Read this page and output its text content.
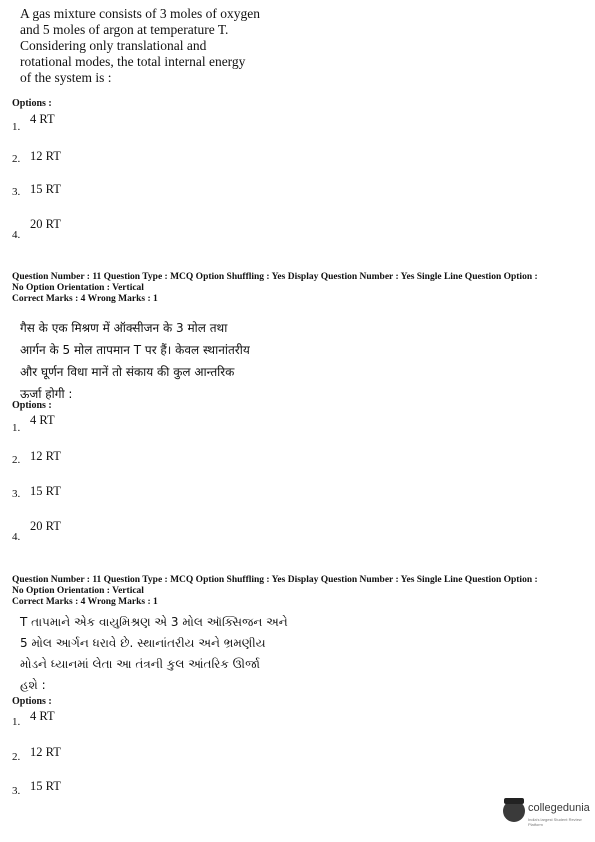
A gas mixture consists of 3 moles of oxygen
and 5 moles of argon at temperature T.
Considering only translational and
rotational modes, the total internal energy
of the system is :
Options :
1.
4 RT
2. 12 RT
3. 15 RT
4.
20 RT
Question Number : 11 Question Type : MCQ Option Shuffling : Yes Display Question Number : Yes Single Line Question Option :
No Option Orientation : Vertical
Correct Marks : 4 Wrong Marks : 1
गैस के एक मिश्रण में ऑक्सीजन के 3 मोल तथा
आर्गन के 5 मोल तापमान T पर हैं। केवल स्थानांतरीय
और घूर्णन विधा मानें तो संकाय की कुल आन्तरिक
ऊर्जा होगी :
Options :
1.
4 RT
2. 12 RT
3. 15 RT
4.
20 RT
Question Number : 11 Question Type : MCQ Option Shuffling : Yes Display Question Number : Yes Single Line Question Option :
No Option Orientation : Vertical
Correct Marks : 4 Wrong Marks : 1
T તાપમાને એક વાયુમિશ્રણ એ 3 મોલ ઑક્સિજન અને
5 મોલ આર્ગન ધરાવે છે. સ્થાનાંતરીય અને ભ્રમણીય
મોડને ધ્યાનમાં લેતા આ તંત્રની કુલ આંતરિક ઊર્જા
હશે :
Options :
1. 4 RT
2. 12 RT
3. 15 RT
collegedunia
India's largest Student Review Platform
